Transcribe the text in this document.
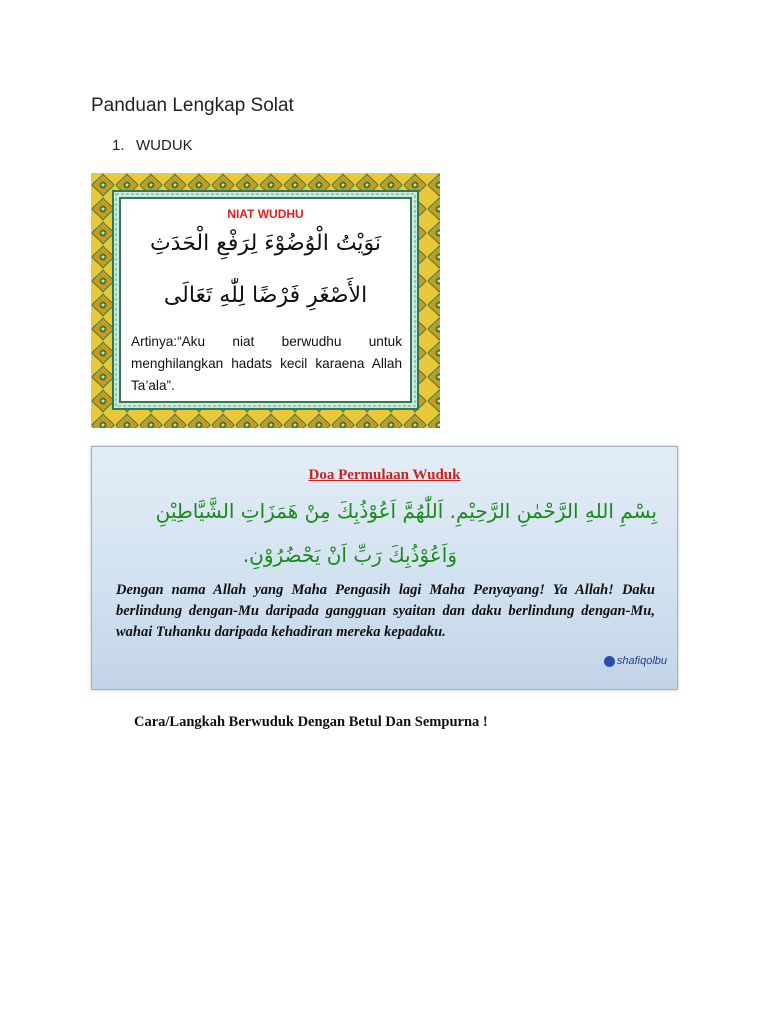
Panduan Lengkap Solat
1. WUDUK
NIAT WUDHU
نَوَيْتُ الْوُضُوْءَ لِرَفْعِ الْحَدَثِ
الأَصْغَرِ فَرْضًا لِلّٰهِ تَعَالَى
Artinya:“Aku niat berwudhu untuk menghilangkan hadats kecil karaena Allah Ta’ala”.
Doa Permulaan Wuduk
بِسْمِ اللهِ الرَّحْمٰنِ الرَّحِيْمِ. اَللّٰهُمَّ اَعُوْذُبِكَ مِنْ هَمَزَاتِ الشَّيَّاطِيْنِ
وَاَعُوْذُبِكَ رَبِّ اَنْ يَحْضُرُوْنِ.
Dengan nama Allah yang Maha Pengasih lagi Maha Penyayang! Ya Allah! Daku berlindung dengan-Mu daripada gangguan syaitan dan daku berlindung dengan-Mu, wahai Tuhanku daripada kehadiran mereka kepadaku.
shafiqolbu
Cara/Langkah Berwuduk Dengan Betul Dan Sempurna !
